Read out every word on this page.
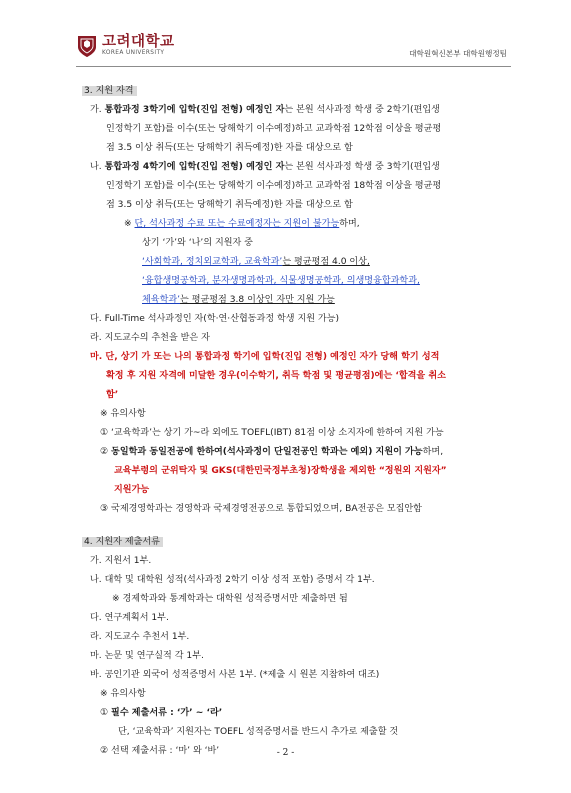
고려대학교
KOREA UNIVERSITY	대학원혁신본부 대학원행정팀
3. 지원 자격
가. 통합과정 3학기에 입학(진입 전형) 예정인 자는 본원 석사과정 학생 중 2학기(편입생
인정학기 포함)를 이수(또는 당해학기 이수예정)하고 교과학점 12학점 이상을 평균평
점 3.5 이상 취득(또는 당해학기 취득예정)한 자를 대상으로 함
나. 통합과정 4학기에 입학(진입 전형) 예정인 자는 본원 석사과정 학생 중 3학기(편입생
인정학기 포함)를 이수(또는 당해학기 이수예정)하고 교과학점 18학점 이상을 평균평
점 3.5 이상 취득(또는 당해학기 취득예정)한 자를 대상으로 함
※ 단, 석사과정 수료 또는 수료예정자는 지원이 불가능하며,
상기 ‘가’와 ‘나’의 지원자 중
‘사회학과, 정치외교학과, 교육학과’는 평균평점 4.0 이상,
‘융합생명공학과, 분자생명과학과, 식물생명공학과, 의생명융합과학과,
체육학과’는 평균평점 3.8 이상인 자만 지원 가능
다. Full-Time 석사과정인 자(학·연·산협동과정 학생 지원 가능)
라. 지도교수의 추천을 받은 자
마. 단, 상기 가 또는 나의 통합과정 학기에 입학(진입 전형) 예정인 자가 당해 학기 성적
확정 후 지원 자격에 미달한 경우(이수학기, 취득 학점 및 평균평점)에는 ‘합격을 취소
함’
※ 유의사항
① ‘교육학과’는 상기 가~라 외에도 TOEFL(IBT) 81점 이상 소지자에 한하여 지원 가능
② 동일학과 동일전공에 한하여(석사과정이 단일전공인 학과는 예외) 지원이 가능하며,
교육부령의 군위탁자 및 GKS(대한민국정부초청)장학생을 제외한 “정원외 지원자”
지원가능
③ 국제경영학과는 경영학과 국제경영전공으로 통합되었으며, BA전공은 모집안함
4. 지원자 제출서류
가. 지원서 1부.
나. 대학 및 대학원 성적(석사과정 2학기 이상 성적 포함) 증명서 각 1부.
※ 경제학과와 통계학과는 대학원 성적증명서만 제출하면 됨
다. 연구계획서 1부.
라. 지도교수 추천서 1부.
마. 논문 및 연구실적 각 1부.
바. 공인기관 외국어 성적증명서 사본 1부. (*제출 시 원본 지참하여 대조)
※ 유의사항
① 필수 제출서류 : ‘가’ ~ ‘라’
단, ‘교육학과’ 지원자는 TOEFL 성적증명서를 반드시 추가로 제출할 것
② 선택 제출서류 : ‘마’ 와 ‘바’	- 2 -
